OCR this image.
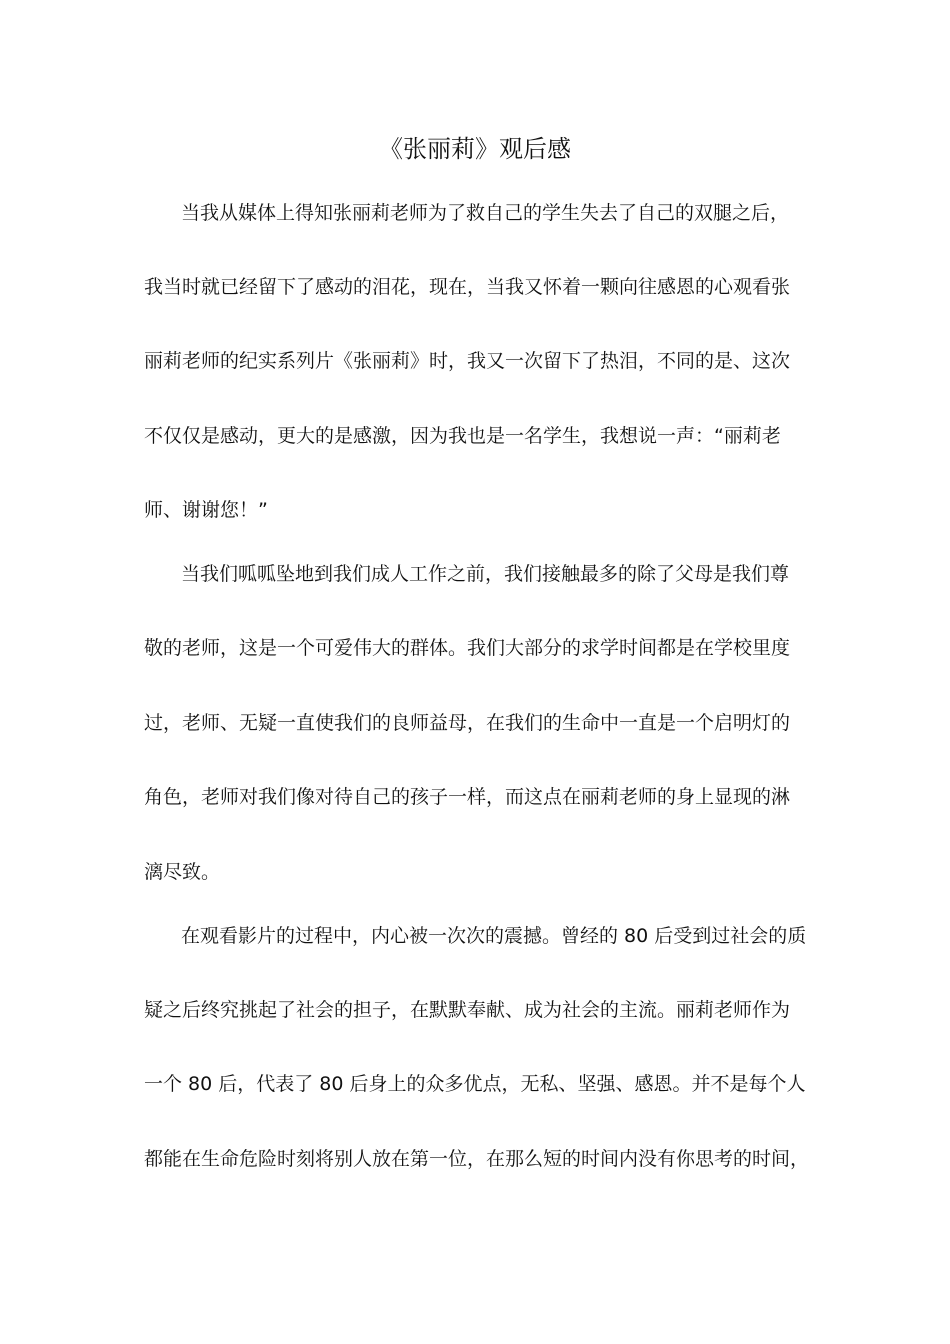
《张丽莉》观后感
当我从媒体上得知张丽莉老师为了救自己的学生失去了自己的双腿之后，
我当时就已经留下了感动的泪花，现在，当我又怀着一颗向往感恩的心观看张
丽莉老师的纪实系列片《张丽莉》时，我又一次留下了热泪，不同的是、这次
不仅仅是感动，更大的是感激，因为我也是一名学生，我想说一声：“丽莉老
师、谢谢您！”
当我们呱呱坠地到我们成人工作之前，我们接触最多的除了父母是我们尊
敬的老师，这是一个可爱伟大的群体。我们大部分的求学时间都是在学校里度
过，老师、无疑一直使我们的良师益母，在我们的生命中一直是一个启明灯的
角色，老师对我们像对待自己的孩子一样，而这点在丽莉老师的身上显现的淋
漓尽致。
在观看影片的过程中，内心被一次次的震撼。曾经的 80 后受到过社会的质
疑之后终究挑起了社会的担子，在默默奉献、成为社会的主流。丽莉老师作为
一个 80 后，代表了 80 后身上的众多优点，无私、坚强、感恩。并不是每个人
都能在生命危险时刻将别人放在第一位，在那么短的时间内没有你思考的时间，
